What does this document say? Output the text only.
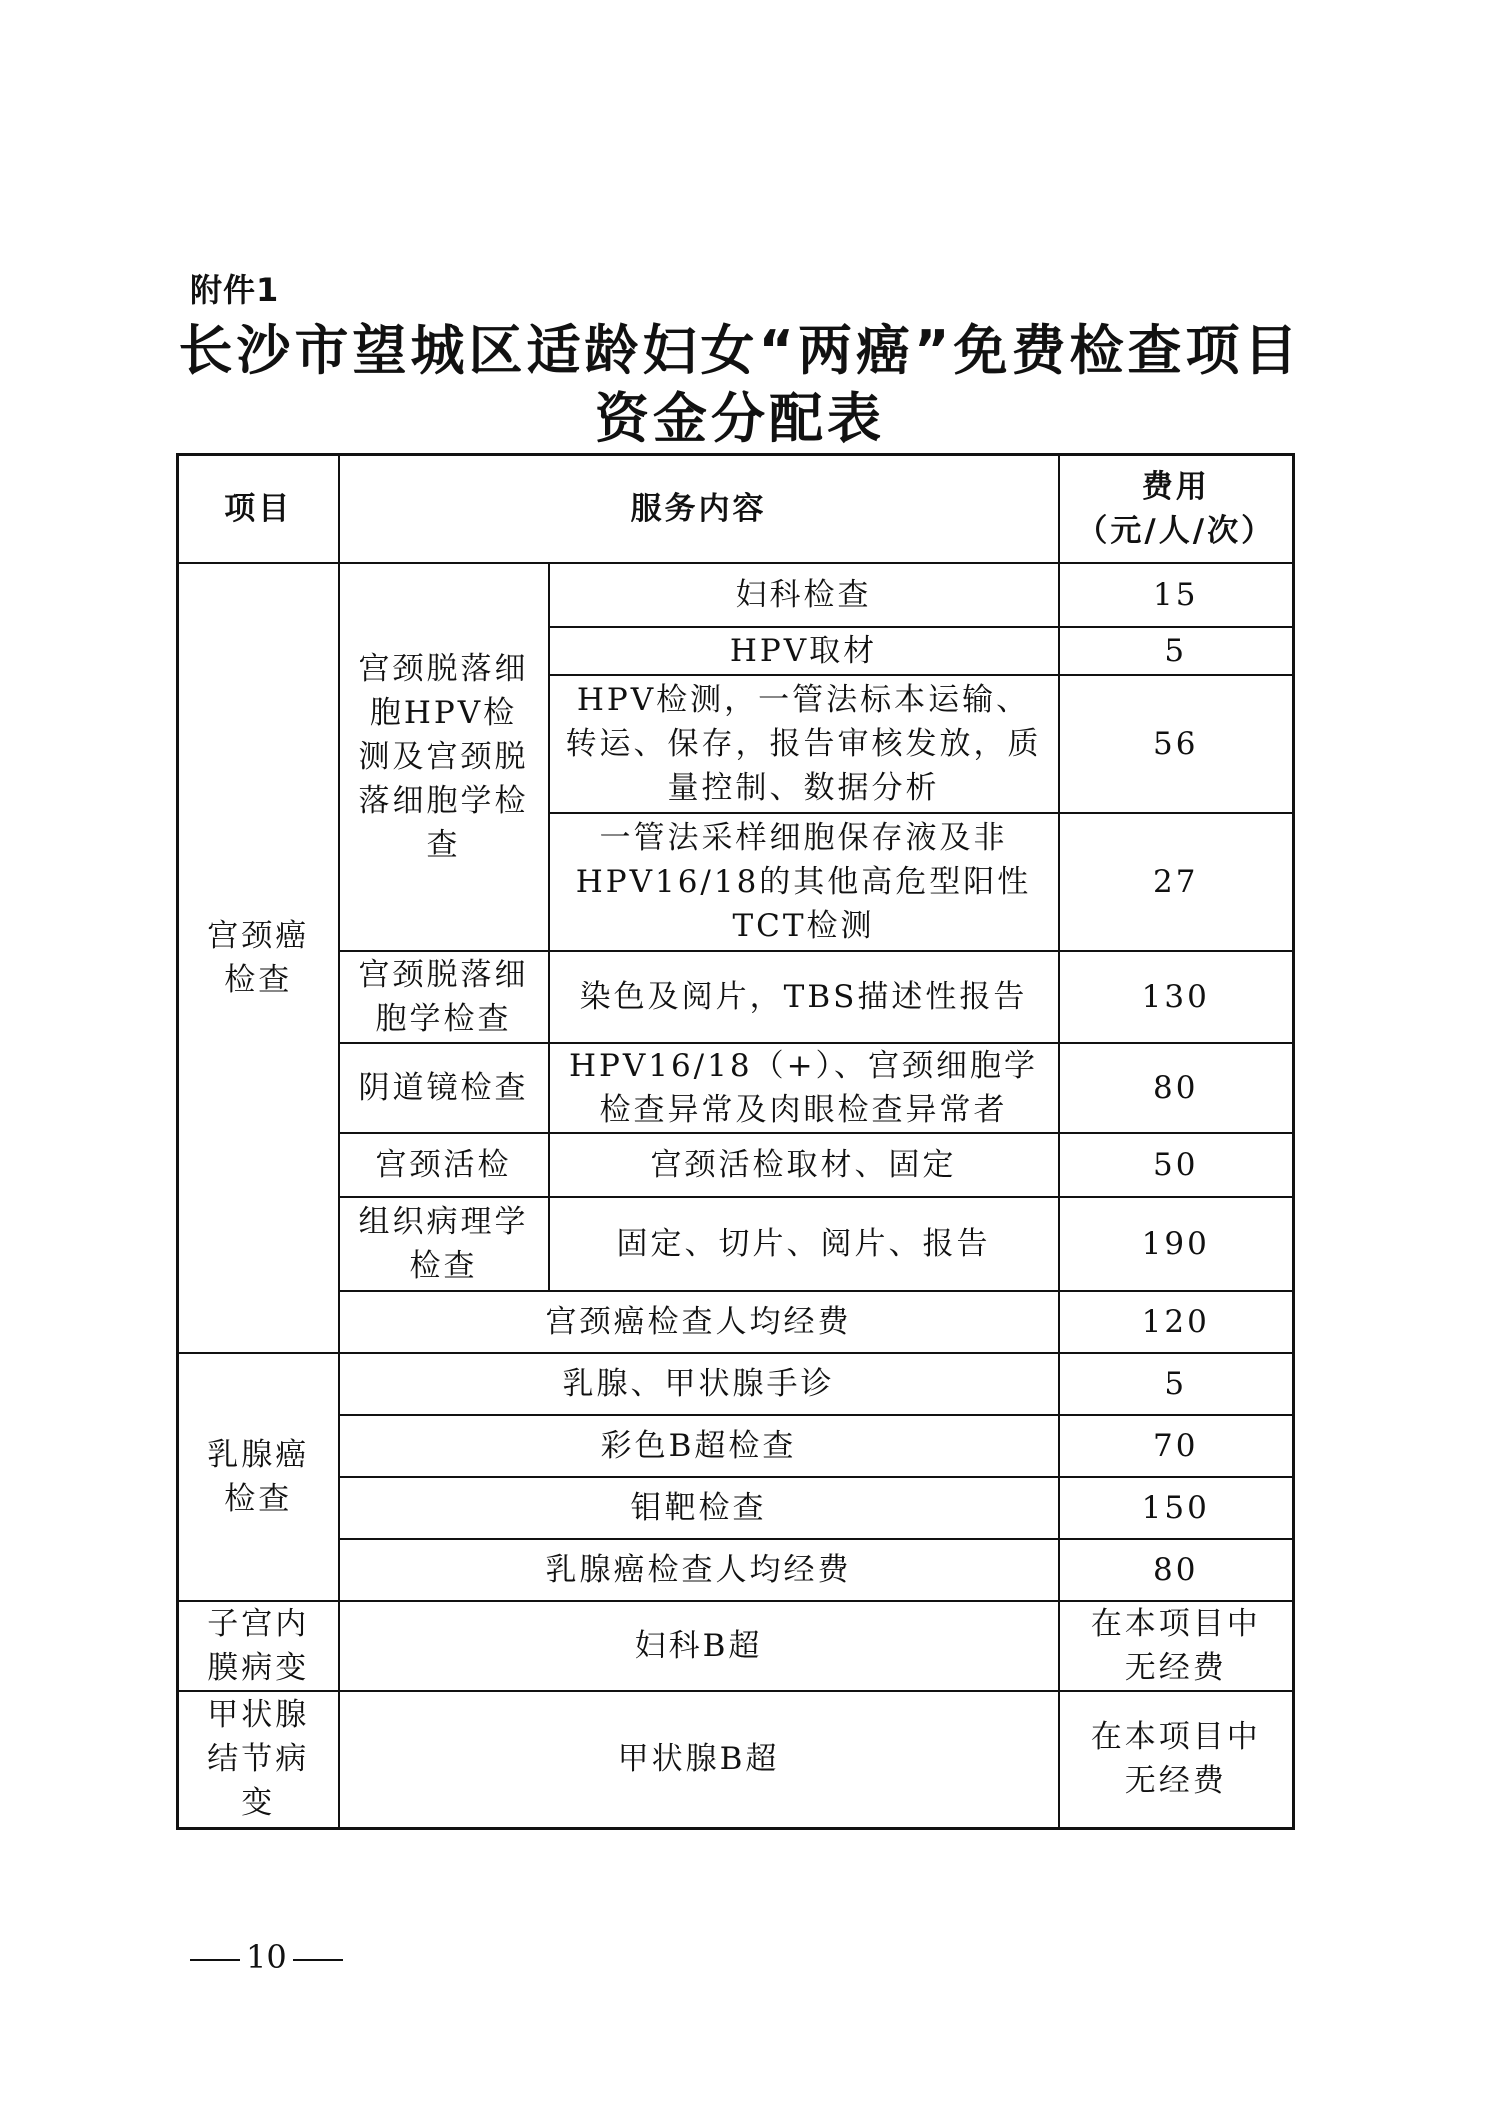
附件1
长沙市望城区适龄妇女“两癌”免费检查项目
资金分配表
项目	服务内容		费用
（元/人/次）

宫颈癌检查	宫颈脱落细胞HPV检测及宫颈脱落细胞学检查	妇科检查	15
		HPV取材	5
		HPV检测，一管法标本运输、转运、保存，报告审核发放，质量控制、数据分析	56
		一管法采样细胞保存液及非HPV16/18的其他高危型阳性TCT检测	27
	宫颈脱落细胞学检查	染色及阅片，TBS描述性报告	130
	阴道镜检查	HPV16/18（+）、宫颈细胞学检查异常及肉眼检查异常者	80
	宫颈活检	宫颈活检取材、固定	50
	组织病理学检查	固定、切片、阅片、报告	190
	宫颈癌检查人均经费		120
乳腺癌检查	乳腺、甲状腺手诊		5
	彩色B超检查		70
	钼靶检查		150
	乳腺癌检查人均经费		80
子宫内膜病变	妇科B超		在本项目中无经费
甲状腺结节病变	甲状腺B超		在本项目中无经费
10
